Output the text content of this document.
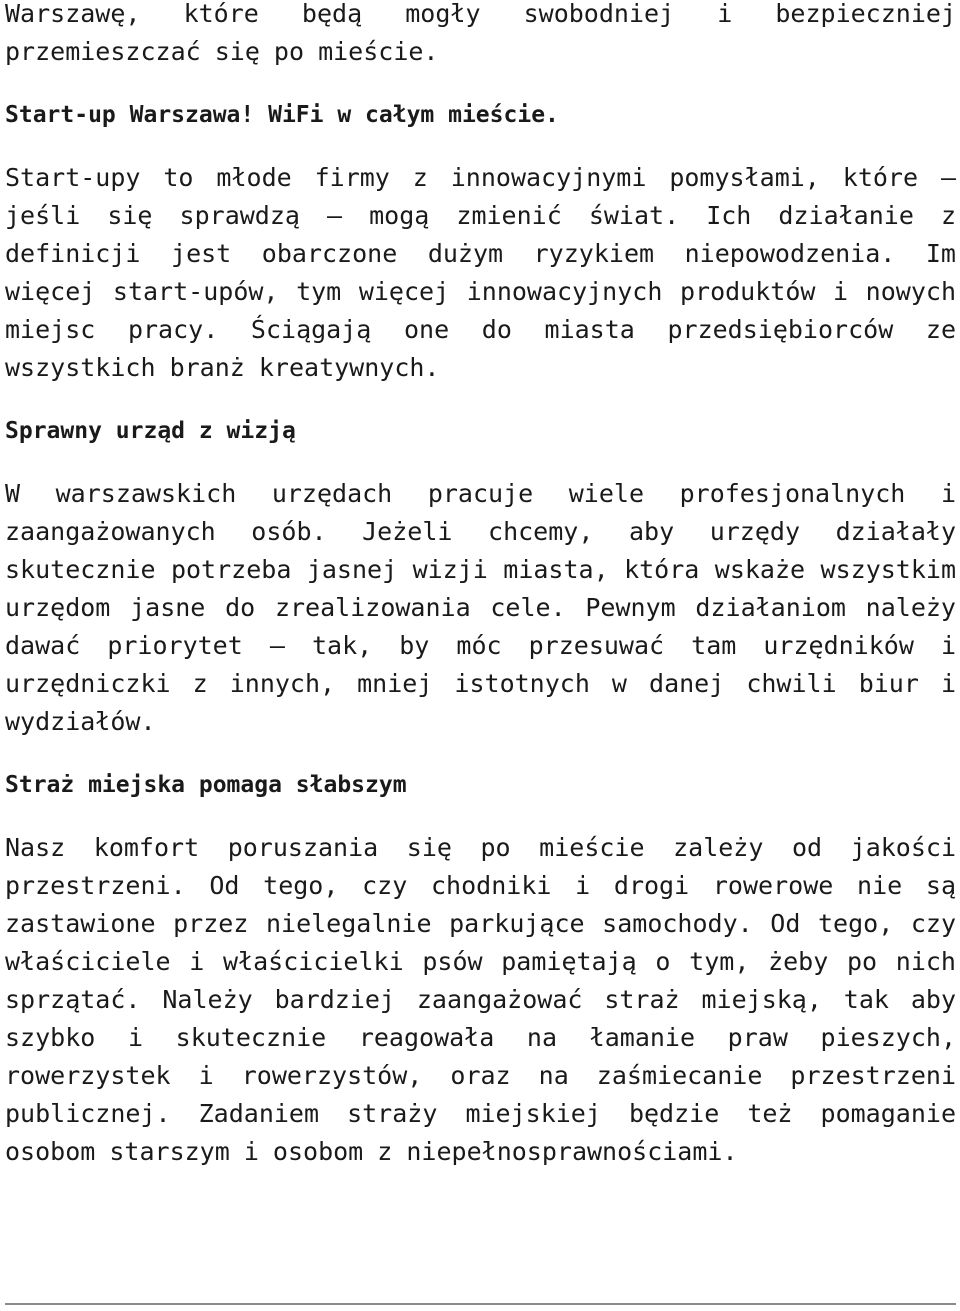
Warszawę, które będą mogły swobodniej i bezpieczniej przemieszczać się po mieście.

Start-up Warszawa! WiFi w całym mieście.

Start-upy to młode firmy z innowacyjnymi pomysłami, które – jeśli się sprawdzą – mogą zmienić świat. Ich działanie z definicji jest obarczone dużym ryzykiem niepowodzenia. Im więcej start-upów, tym więcej innowacyjnych produktów i nowych miejsc pracy. Ściągają one do miasta przedsiębiorców ze wszystkich branż kreatywnych.

Sprawny urząd z wizją

W warszawskich urzędach pracuje wiele profesjonalnych i zaangażowanych osób. Jeżeli chcemy, aby urzędy działały skutecznie potrzeba jasnej wizji miasta, która wskaże wszystkim urzędom jasne do zrealizowania cele. Pewnym działaniom należy dawać priorytet – tak, by móc przesuwać tam urzędników i urzędniczki z innych, mniej istotnych w danej chwili biur i wydziałów.

Straż miejska pomaga słabszym

Nasz komfort poruszania się po mieście zależy od jakości przestrzeni. Od tego, czy chodniki i drogi rowerowe nie są zastawione przez nielegalnie parkujące samochody. Od tego, czy właściciele i właścicielki psów pamiętają o tym, żeby po nich sprzątać. Należy bardziej zaangażować straż miejską, tak aby szybko i skutecznie reagowała na łamanie praw pieszych, rowerzystek i rowerzystów, oraz na zaśmiecanie przestrzeni publicznej. Zadaniem straży miejskiej będzie też pomaganie osobom starszym i osobom z niepełnosprawnościami.
